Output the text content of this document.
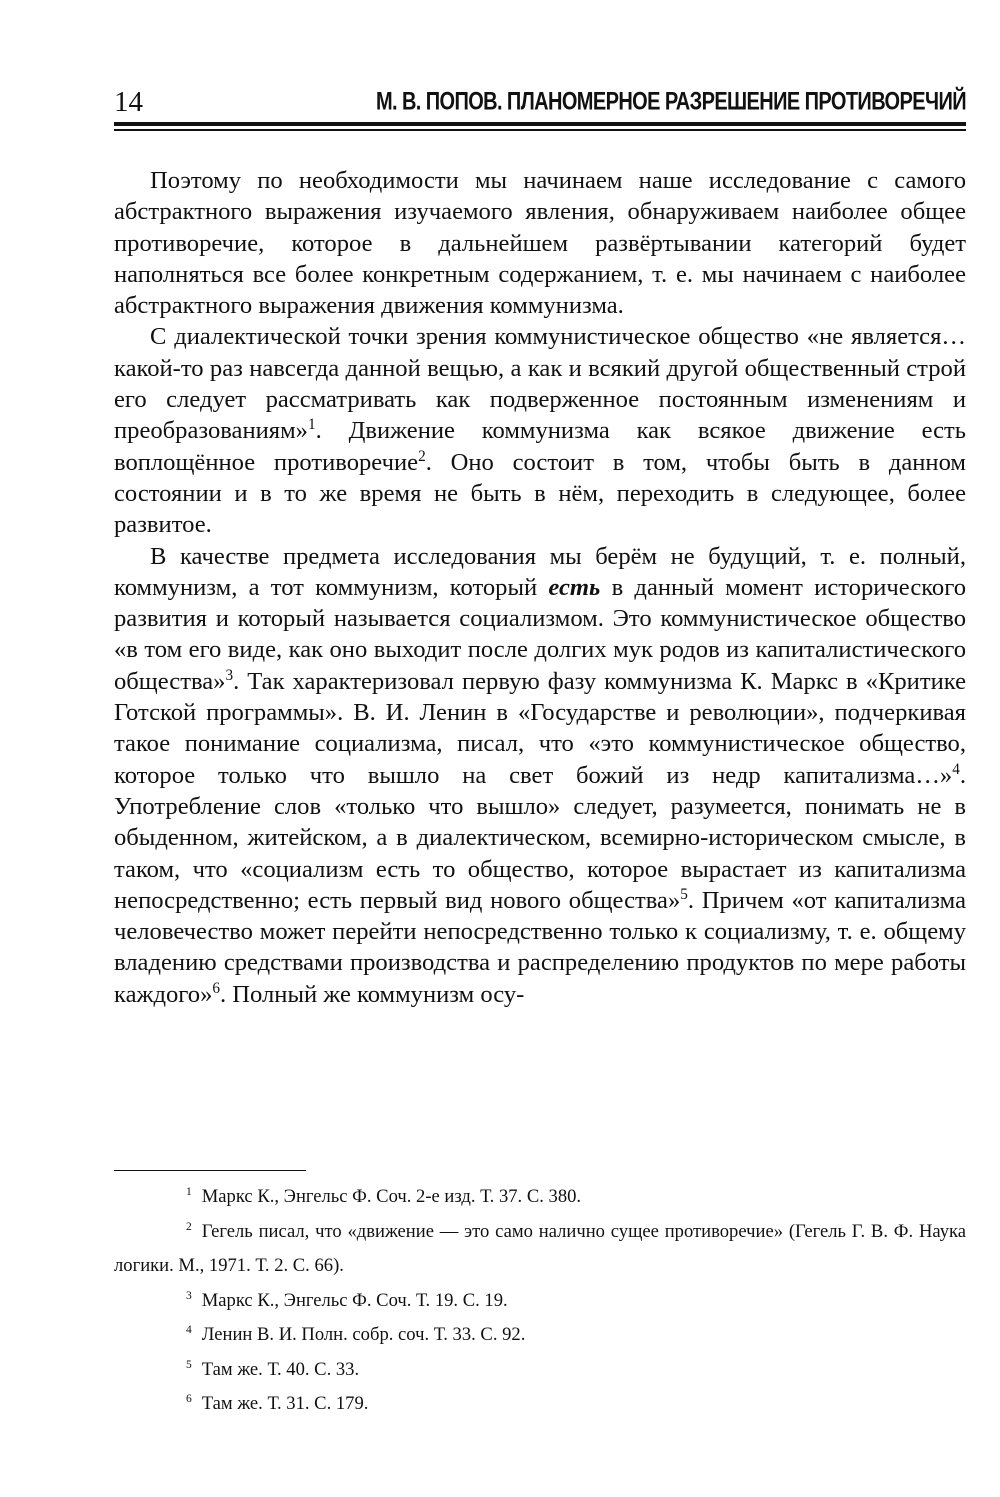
14	М. В. ПОПОВ. ПЛАНОМЕРНОЕ РАЗРЕШЕНИЕ ПРОТИВОРЕЧИЙ

Поэтому по необходимости мы начинаем наше исследование с самого абстрактного выражения изучаемого явления, обнаруживаем наиболее общее противоречие, которое в дальнейшем развёртывании категорий будет наполняться все более конкретным содержанием, т. е. мы начинаем с наиболее абстрактного выражения движения коммунизма.

С диалектической точки зрения коммунистическое общество «не является… какой-то раз навсегда данной вещью, а как и всякий другой общественный строй его следует рассматривать как подверженное постоянным изменениям и преобразованиям»$^1$. Движение коммунизма как всякое движение есть воплощённое противоречие$^2$. Оно состоит в том, чтобы быть в данном состоянии и в то же время не быть в нём, переходить в следующее, более развитое.

В качестве предмета исследования мы берём не будущий, т. е. полный, коммунизм, а тот коммунизм, который есть в данный момент исторического развития и который называется социализмом. Это коммунистическое общество «в том его виде, как оно выходит после долгих мук родов из капиталистического общества»$^3$. Так характеризовал первую фазу коммунизма К. Маркс в «Критике Готской программы». В. И. Ленин в «Государстве и революции», подчеркивая такое понимание социализма, писал, что «это коммунистическое общество, которое только что вышло на свет божий из недр капитализма…»$^4$. Употребление слов «только что вышло» следует, разумеется, понимать не в обыденном, житейском, а в диалектическом, всемирно-историческом смысле, в таком, что «социализм есть то общество, которое вырастает из капитализма непосредственно; есть первый вид нового общества»$^5$. Причем «от капитализма человечество может перейти непосредственно только к социализму, т. е. общему владению средствами производства и распределению продуктов по мере работы каждого»$^6$. Полный же коммунизм осу-

$^1$ Маркс К., Энгельс Ф. Соч. 2-е изд. Т. 37. С. 380.

$^2$ Гегель писал, что «движение — это само налично сущее противоречие» (Гегель Г. В. Ф. Наука логики. М., 1971. Т. 2. С. 66).

$^3$ Маркс К., Энгельс Ф. Соч. Т. 19. С. 19.

$^4$ Ленин В. И. Полн. собр. соч. Т. 33. С. 92.

$^5$ Там же. Т. 40. С. 33.

$^6$ Там же. Т. 31. С. 179.
